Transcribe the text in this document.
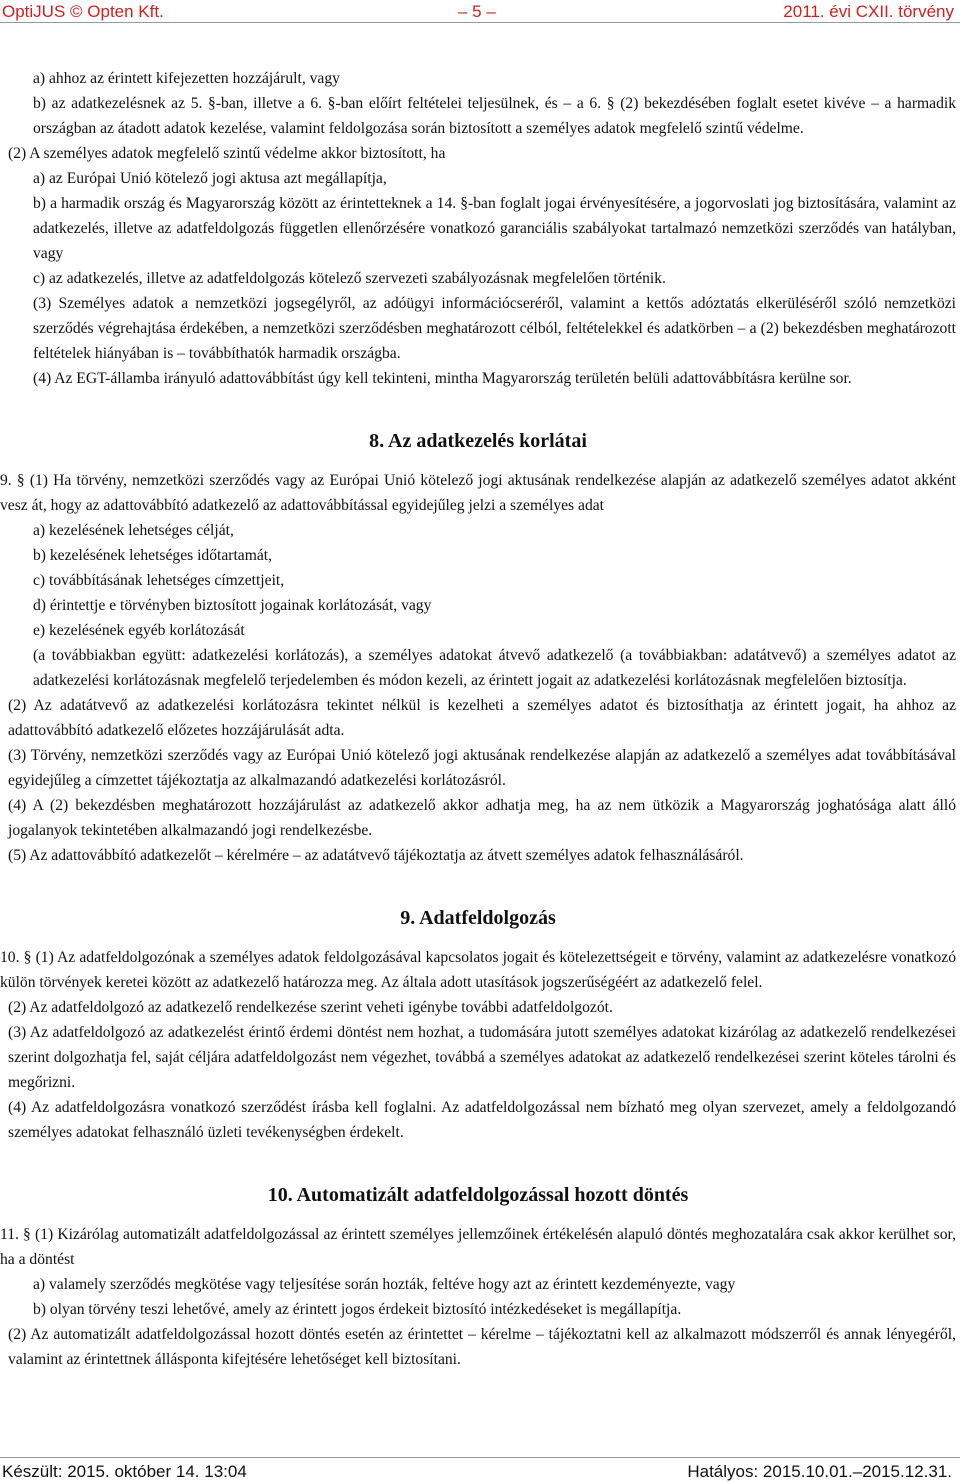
OptiJUS © Opten Kft.	– 5 –	2011. évi CXII. törvény

a) ahhoz az érintett kifejezetten hozzájárult, vagy

b) az adatkezelésnek az 5. §-ban, illetve a 6. §-ban előírt feltételei teljesülnek, és – a 6. § (2) bekezdésében foglalt esetet kivéve – a harmadik országban az átadott adatok kezelése, valamint feldolgozása során biztosított a személyes adatok megfelelő szintű védelme.

(2) A személyes adatok megfelelő szintű védelme akkor biztosított, ha

a) az Európai Unió kötelező jogi aktusa azt megállapítja,

b) a harmadik ország és Magyarország között az érintetteknek a 14. §-ban foglalt jogai érvényesítésére, a jogorvoslati jog biztosítására, valamint az adatkezelés, illetve az adatfeldolgozás független ellenőrzésére vonatkozó garanciális szabályokat tartalmazó nemzetközi szerződés van hatályban, vagy

c) az adatkezelés, illetve az adatfeldolgozás kötelező szervezeti szabályozásnak megfelelően történik.

(3) Személyes adatok a nemzetközi jogsegélyről, az adóügyi információcseréről, valamint a kettős adóztatás elkerüléséről szóló nemzetközi szerződés végrehajtása érdekében, a nemzetközi szerződésben meghatározott célból, feltételekkel és adatkörben – a (2) bekezdésben meghatározott feltételek hiányában is – továbbíthatók harmadik országba.

(4) Az EGT-államba irányuló adattovábbítást úgy kell tekinteni, mintha Magyarország területén belüli adattovábbításra kerülne sor.

8. Az adatkezelés korlátai

9. § (1) Ha törvény, nemzetközi szerződés vagy az Európai Unió kötelező jogi aktusának rendelkezése alapján az adatkezelő személyes adatot akként vesz át, hogy az adattovábbító adatkezelő az adattovábbítással egyidejűleg jelzi a személyes adat

a) kezelésének lehetséges célját,

b) kezelésének lehetséges időtartamát,

c) továbbításának lehetséges címzettjeit,

d) érintettje e törvényben biztosított jogainak korlátozását, vagy

e) kezelésének egyéb korlátozását

(a továbbiakban együtt: adatkezelési korlátozás), a személyes adatokat átvevő adatkezelő (a továbbiakban: adatátvevő) a személyes adatot az adatkezelési korlátozásnak megfelelő terjedelemben és módon kezeli, az érintett jogait az adatkezelési korlátozásnak megfelelően biztosítja.

(2) Az adatátvevő az adatkezelési korlátozásra tekintet nélkül is kezelheti a személyes adatot és biztosíthatja az érintett jogait, ha ahhoz az adattovábbító adatkezelő előzetes hozzájárulását adta.

(3) Törvény, nemzetközi szerződés vagy az Európai Unió kötelező jogi aktusának rendelkezése alapján az adatkezelő a személyes adat továbbításával egyidejűleg a címzettet tájékoztatja az alkalmazandó adatkezelési korlátozásról.

(4) A (2) bekezdésben meghatározott hozzájárulást az adatkezelő akkor adhatja meg, ha az nem ütközik a Magyarország joghatósága alatt álló jogalanyok tekintetében alkalmazandó jogi rendelkezésbe.

(5) Az adattovábbító adatkezelőt – kérelmére – az adatátvevő tájékoztatja az átvett személyes adatok felhasználásáról.

9. Adatfeldolgozás

10. § (1) Az adatfeldolgozónak a személyes adatok feldolgozásával kapcsolatos jogait és kötelezettségeit e törvény, valamint az adatkezelésre vonatkozó külön törvények keretei között az adatkezelő határozza meg. Az általa adott utasítások jogszerűségéért az adatkezelő felel.

(2) Az adatfeldolgozó az adatkezelő rendelkezése szerint veheti igénybe további adatfeldolgozót.

(3) Az adatfeldolgozó az adatkezelést érintő érdemi döntést nem hozhat, a tudomására jutott személyes adatokat kizárólag az adatkezelő rendelkezései szerint dolgozhatja fel, saját céljára adatfeldolgozást nem végezhet, továbbá a személyes adatokat az adatkezelő rendelkezései szerint köteles tárolni és megőrizni.

(4) Az adatfeldolgozásra vonatkozó szerződést írásba kell foglalni. Az adatfeldolgozással nem bízható meg olyan szervezet, amely a feldolgozandó személyes adatokat felhasználó üzleti tevékenységben érdekelt.

10. Automatizált adatfeldolgozással hozott döntés

11. § (1) Kizárólag automatizált adatfeldolgozással az érintett személyes jellemzőinek értékelésén alapuló döntés meghozatalára csak akkor kerülhet sor, ha a döntést

a) valamely szerződés megkötése vagy teljesítése során hozták, feltéve hogy azt az érintett kezdeményezte, vagy

b) olyan törvény teszi lehetővé, amely az érintett jogos érdekeit biztosító intézkedéseket is megállapítja.

(2) Az automatizált adatfeldolgozással hozott döntés esetén az érintettet – kérelme – tájékoztatni kell az alkalmazott módszerről és annak lényegéről, valamint az érintettnek állásponta kifejtésére lehetőséget kell biztosítani.

Készült: 2015. október 14. 13:04	Hatályos: 2015.10.01.–2015.12.31.
